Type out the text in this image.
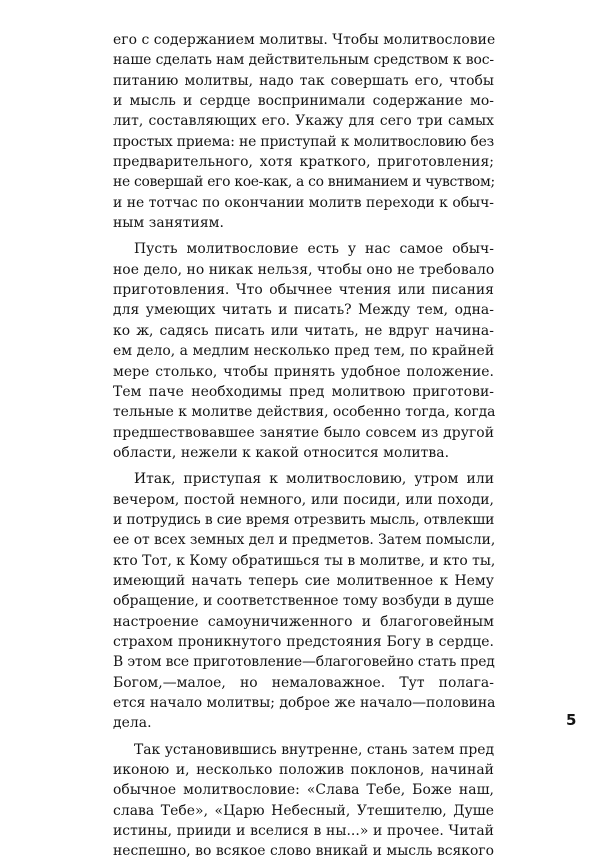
его с содержанием молитвы. Чтобы молитвословие
наше сделать нам действительным средством к вос-
питанию молитвы, надо так совершать его, чтобы
и мысль и сердце воспринимали содержание мо-
лит, составляющих его. Укажу для сего три самых
простых приема: не приступай к молитвословию без
предварительного, хотя краткого, приготовления;
не совершай его кое-как, а со вниманием и чувством;
и не тотчас по окончании молитв переходи к обыч-
ным занятиям.
Пусть молитвословие есть у нас самое обыч-
ное дело, но никак нельзя, чтобы оно не требовало
приготовления. Что обычнее чтения или писания
для умеющих читать и писать? Между тем, одна-
ко ж, садясь писать или читать, не вдруг начина-
ем дело, а медлим несколько пред тем, по крайней
мере столько, чтобы принять удобное положение.
Тем паче необходимы пред молитвою приготови-
тельные к молитве действия, особенно тогда, когда
предшествовавшее занятие было совсем из другой
области, нежели к какой относится молитва.
Итак, приступая к молитвословию, утром или
вечером, постой немного, или посиди, или походи,
и потрудись в сие время отрезвить мысль, отвлекши
ее от всех земных дел и предметов. Затем помысли,
кто Тот, к Кому обратишься ты в молитве, и кто ты,
имеющий начать теперь сие молитвенное к Нему
обращение, и соответственное тому возбуди в душе
настроение самоуничиженного и благоговейным
страхом проникнутого предстояния Богу в сердце.
В этом все приготовление—благоговейно стать пред
Богом,—малое, но немаловажное. Тут полага-
ется начало молитвы; доброе же начало—половина
дела.
Так установившись внутренне, стань затем пред
иконою и, несколько положив поклонов, начинай
обычное молитвословие: «Слава Тебе, Боже наш,
слава Тебе», «Царю Небесный, Утешителю, Душе
истины, прииди и вселися в ны...» и прочее. Читай
неспешно, во всякое слово вникай и мысль всякого
5
